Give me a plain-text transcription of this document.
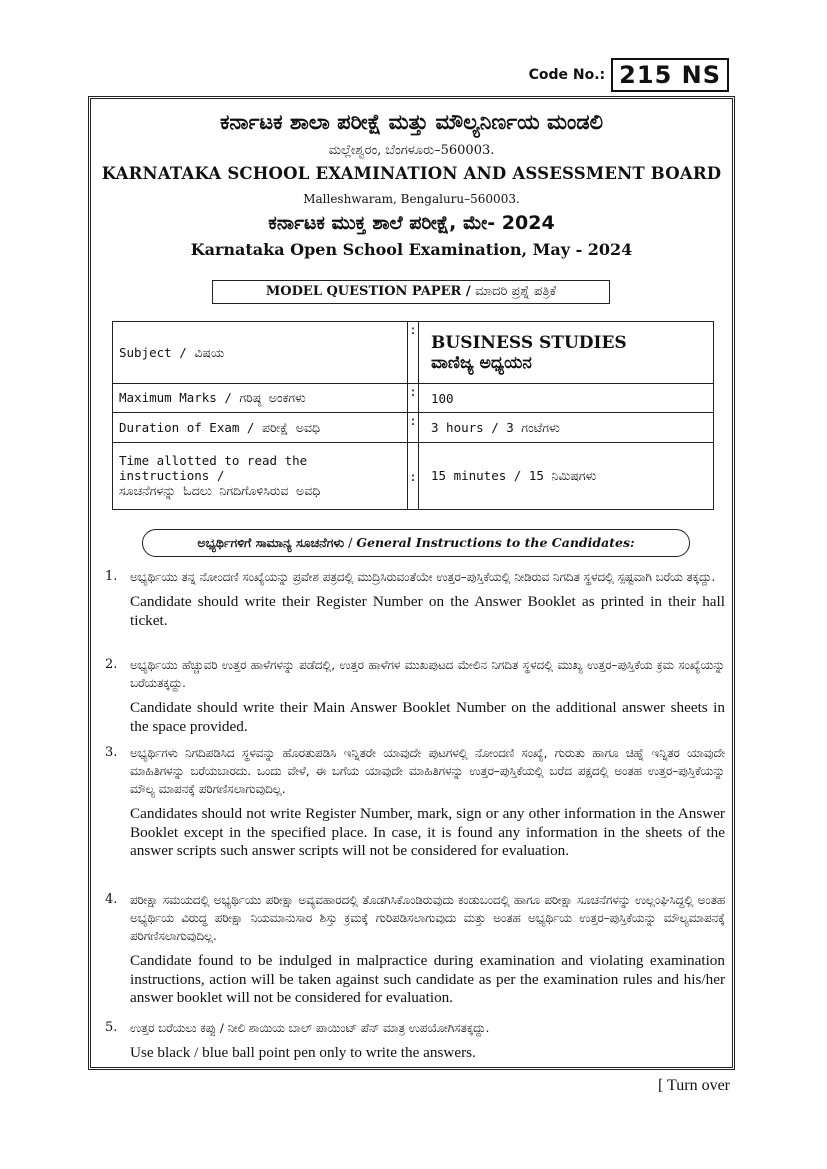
Code No.: 215 NS
ಕರ್ನಾಟಕ ಶಾಲಾ ಪರೀಕ್ಷೆ ಮತ್ತು ಮೌಲ್ಯನಿರ್ಣಯ ಮಂಡಲಿ
ಮಲ್ಲೇಶ್ವರಂ, ಬೆಂಗಳೂರು–560003.
KARNATAKA SCHOOL EXAMINATION AND ASSESSMENT BOARD
Malleshwaram, Bengaluru–560003.
ಕರ್ನಾಟಕ ಮುಕ್ತ ಶಾಲೆ ಪರೀಕ್ಷೆ, ಮೇ- 2024
Karnataka Open School Examination, May - 2024
MODEL QUESTION PAPER / ಮಾದರಿ ಪ್ರಶ್ನೆ ಪತ್ರಿಕೆ
Subject / ವಿಷಯ	:	BUSINESS STUDIES
ವಾಣಿಜ್ಯ ಅಧ್ಯಯನ

Maximum Marks / ಗರಿಷ್ಠ ಅಂಕಗಳು	:	100
Duration of Exam / ಪರೀಕ್ಷೆ ಅವಧಿ	:	3 hours / 3 ಗಂಟೆಗಳು

Time allotted to read the instructions /
ಸೂಚನೆಗಳನ್ನು ಓದಲು ನಿಗದಿಗೊಳಿಸಿರುವ ಅವಧಿ	:	15 minutes / 15 ನಿಮಿಷಗಳು
ಅಭ್ಯರ್ಥಿಗಳಿಗೆ ಸಾಮಾನ್ಯ ಸೂಚನೆಗಳು / General Instructions to the Candidates:
1. ಅಭ್ಯರ್ಥಿಯು ತನ್ನ ನೋಂದಣಿ ಸಂಖ್ಯೆಯನ್ನು ಪ್ರವೇಶ ಪತ್ರದಲ್ಲಿ ಮುದ್ರಿಸಿರುವಂತೆಯೇ ಉತ್ತರ–ಪುಸ್ತಿಕೆಯಲ್ಲಿ ನೀಡಿರುವ ನಿಗದಿತ ಸ್ಥಳದಲ್ಲಿ ಸ್ಪಷ್ಟವಾಗಿ ಬರೆಯ ತಕ್ಕದ್ದು.
Candidate should write their Register Number on the Answer Booklet as printed in their hall ticket.
2. ಅಭ್ಯರ್ಥಿಯು ಹೆಚ್ಚುವರಿ ಉತ್ತರ ಹಾಳೆಗಳನ್ನು ಪಡೆದಲ್ಲಿ, ಉತ್ತರ ಹಾಳೆಗಳ ಮುಖಪುಟದ ಮೇಲಿನ ನಿಗದಿತ ಸ್ಥಳದಲ್ಲಿ ಮುಖ್ಯ ಉತ್ತರ–ಪುಸ್ತಿಕೆಯ ಕ್ರಮ ಸಂಖ್ಯೆಯನ್ನು ಬರೆಯತಕ್ಕದ್ದು.
Candidate should write their Main Answer Booklet Number on the additional answer sheets in the space provided.
3. ಅಭ್ಯರ್ಥಿಗಳು ನಿಗದಿಪಡಿಸಿದ ಸ್ಥಳವನ್ನು ಹೊರತುಪಡಿಸಿ ಇನ್ನಿತರೇ ಯಾವುದೇ ಪುಟಗಳಲ್ಲಿ ನೋಂದಣಿ ಸಂಖ್ಯೆ, ಗುರುತು ಹಾಗೂ ಚಿಹ್ನೆ ಇನ್ನಿತರ ಯಾವುದೇ ಮಾಹಿತಿಗಳನ್ನು ಬರೆಯಬಾರದು. ಒಂದು ವೇಳೆ, ಈ ಬಗೆಯ ಯಾವುದೇ ಮಾಹಿತಿಗಳನ್ನು ಉತ್ತರ–ಪುಸ್ತಿಕೆಯಲ್ಲಿ ಬರೆದ ಪಕ್ಷದಲ್ಲಿ ಅಂತಹ ಉತ್ತರ–ಪುಸ್ತಿಕೆಯನ್ನು ಮೌಲ್ಯ ಮಾಪನಕ್ಕೆ ಪರಿಗಣಿಸಲಾಗುವುದಿಲ್ಲ.
Candidates should not write Register Number, mark, sign or any other information in the Answer Booklet except in the specified place. In case, it is found any information in the sheets of the answer scripts such answer scripts will not be considered for evaluation.
4. ಪರೀಕ್ಷಾ ಸಮಯದಲ್ಲಿ ಅಭ್ಯರ್ಥಿಯು ಪರೀಕ್ಷಾ ಅವ್ಯವಹಾರದಲ್ಲಿ ತೊಡಗಿಸಿಕೊಂಡಿರುವುದು ಕಂಡುಬಂದಲ್ಲಿ ಹಾಗೂ ಪರೀಕ್ಷಾ ಸೂಚನೆಗಳನ್ನು ಉಲ್ಲಂಘಿಸಿದ್ದಲ್ಲಿ ಅಂತಹ ಅಭ್ಯರ್ಥಿಯ ವಿರುದ್ಧ ಪರೀಕ್ಷಾ ನಿಯಮಾನುಸಾರ ಶಿಸ್ತು ಕ್ರಮಕ್ಕೆ ಗುರಿಪಡಿಸಲಾಗುವುದು ಮತ್ತು ಅಂತಹ ಅಭ್ಯರ್ಥಿಯ ಉತ್ತರ–ಪುಸ್ತಿಕೆಯನ್ನು ಮೌಲ್ಯಮಾಪನಕ್ಕೆ ಪರಿಗಣಿಸಲಾಗುವುದಿಲ್ಲ.
Candidate found to be indulged in malpractice during examination and violating examination instructions, action will be taken against such candidate as per the examination rules and his/her answer booklet will not be considered for evaluation.
5. ಉತ್ತರ ಬರೆಯಲು ಕಪ್ಪು / ನೀಲಿ ಶಾಯಿಯ ಬಾಲ್ ಪಾಯಿಂಟ್ ಪೆನ್ ಮಾತ್ರ ಉಪಯೋಗಿಸತಕ್ಕದ್ದು.
Use black / blue ball point pen only to write the answers.
[ Turn over
